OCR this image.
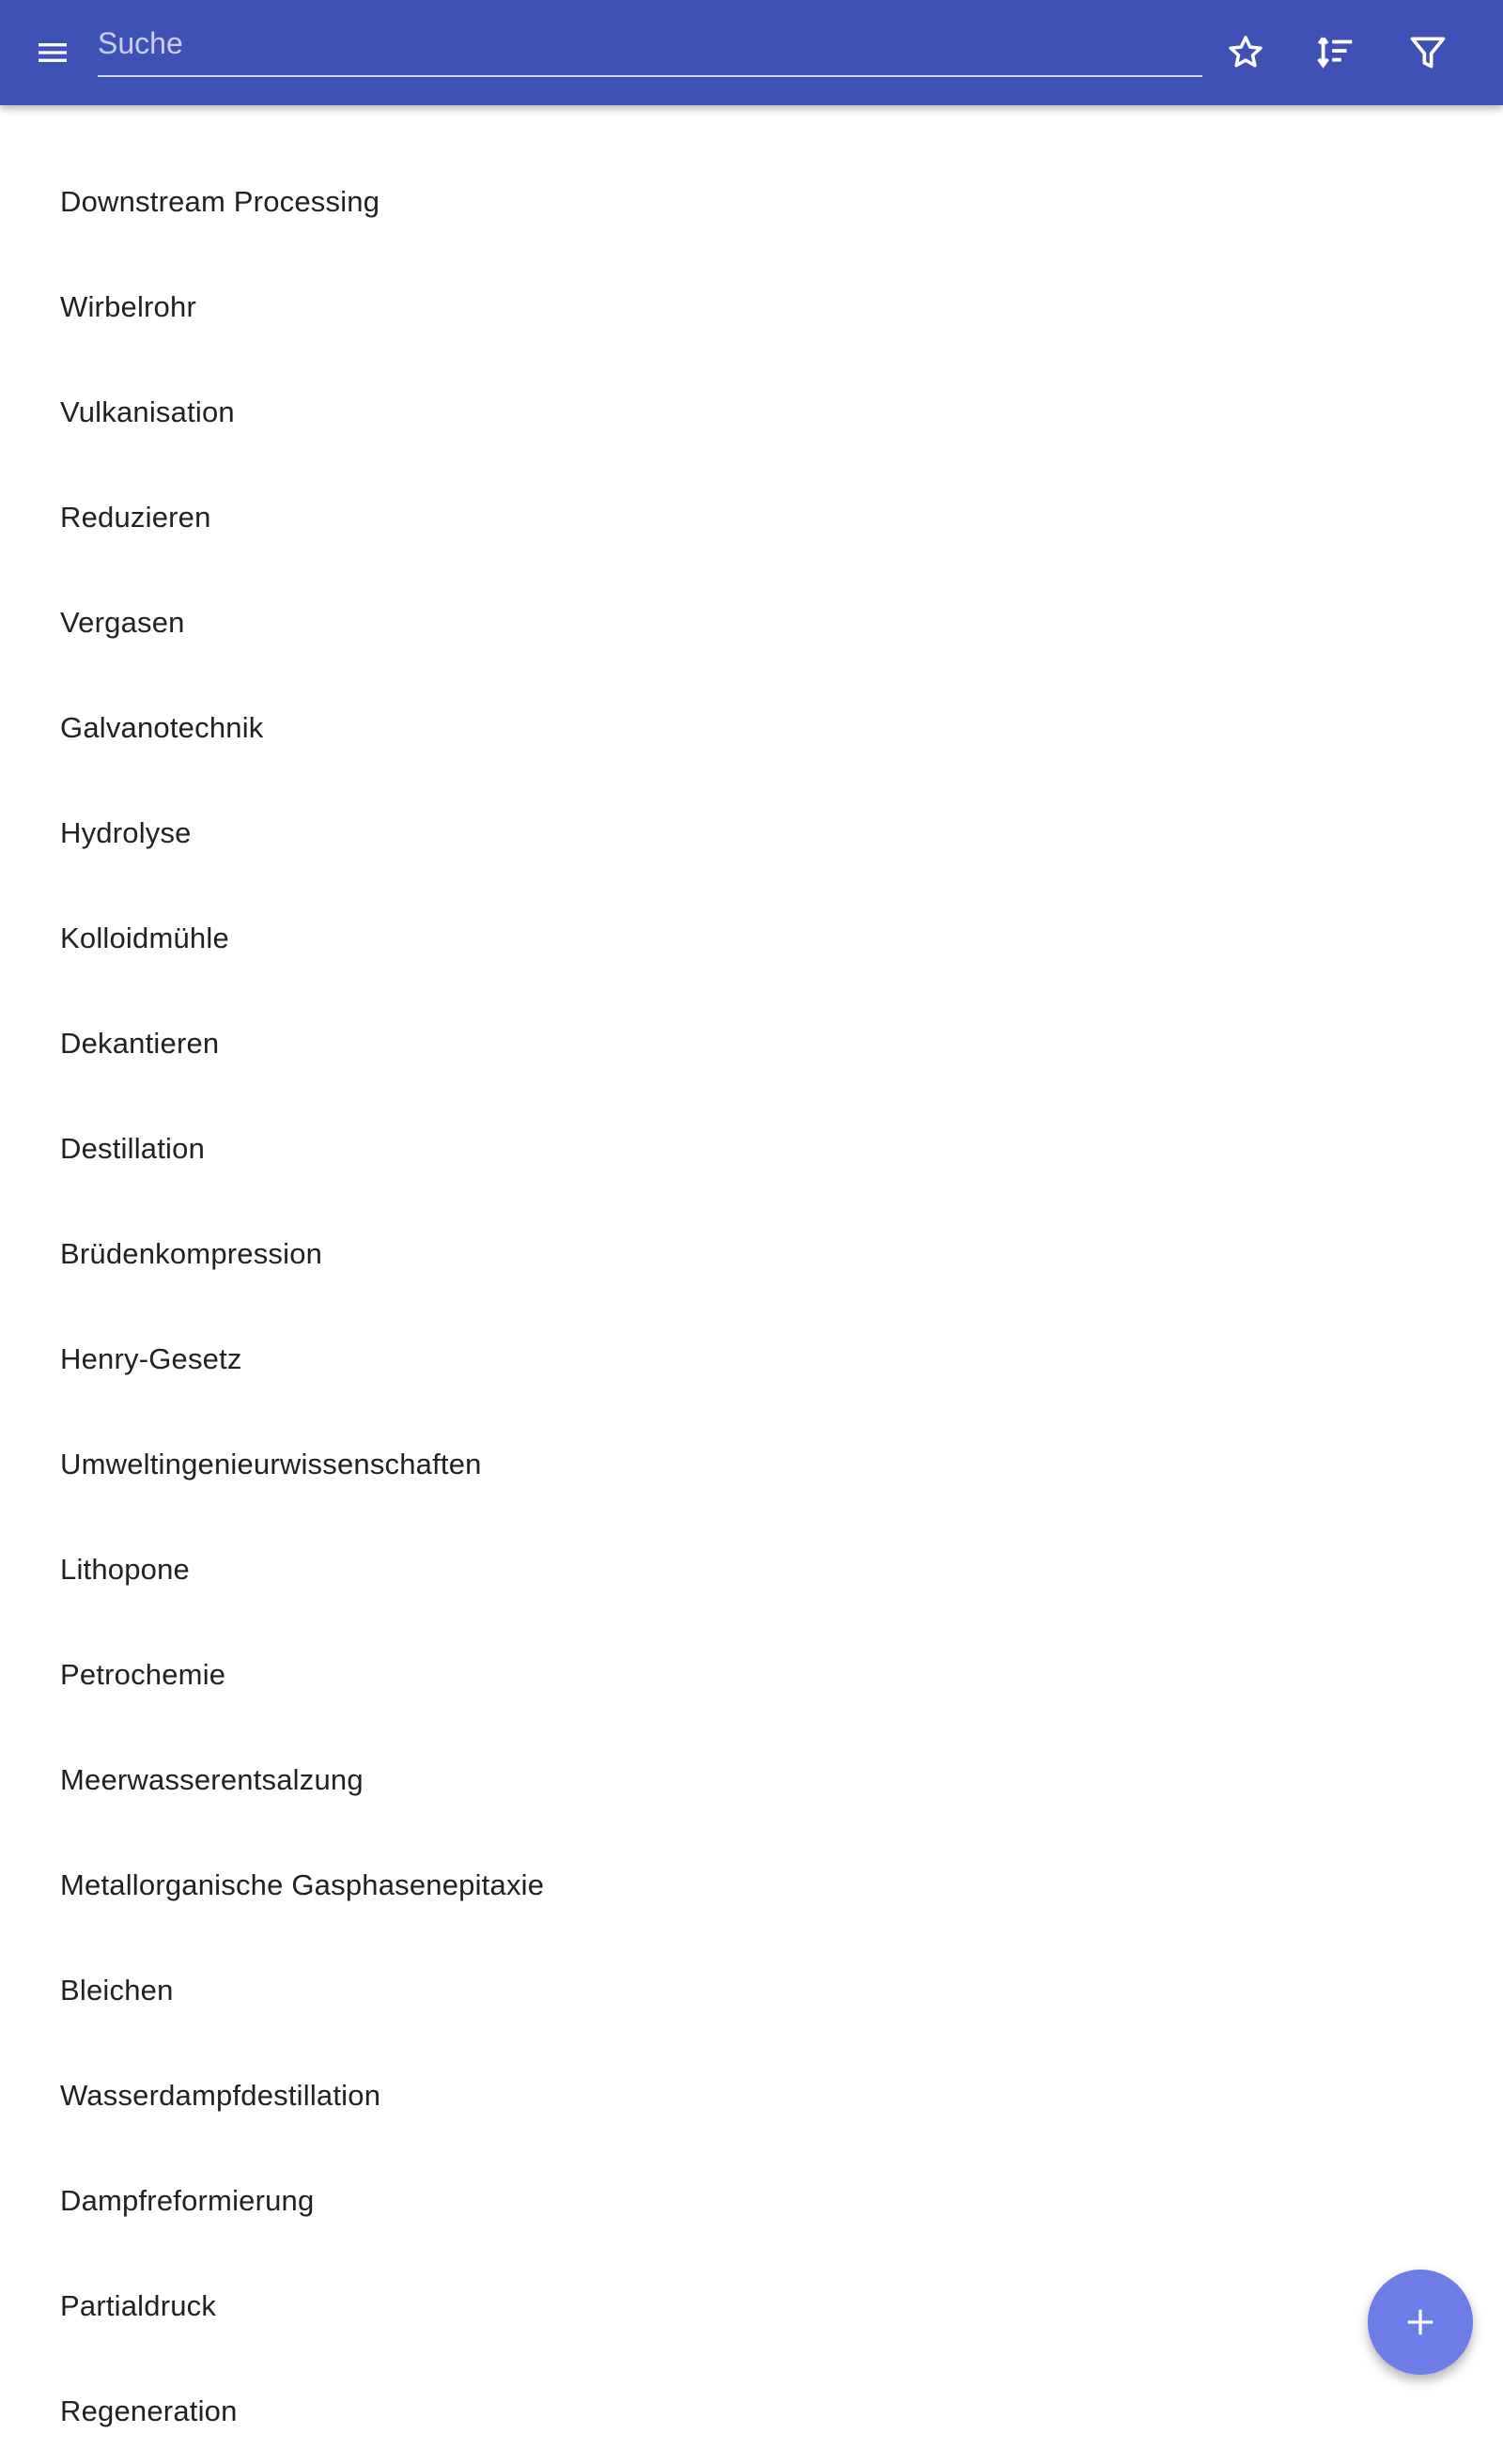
Suche
Downstream Processing
Wirbelrohr
Vulkanisation
Reduzieren
Vergasen
Galvanotechnik
Hydrolyse
Kolloidmühle
Dekantieren
Destillation
Brüdenkompression
Henry-Gesetz
Umweltingenieurwissenschaften
Lithopone
Petrochemie
Meerwasserentsalzung
Metallorganische Gasphasenepitaxie
Bleichen
Wasserdampfdestillation
Dampfreformierung
Partialdruck
Regeneration
